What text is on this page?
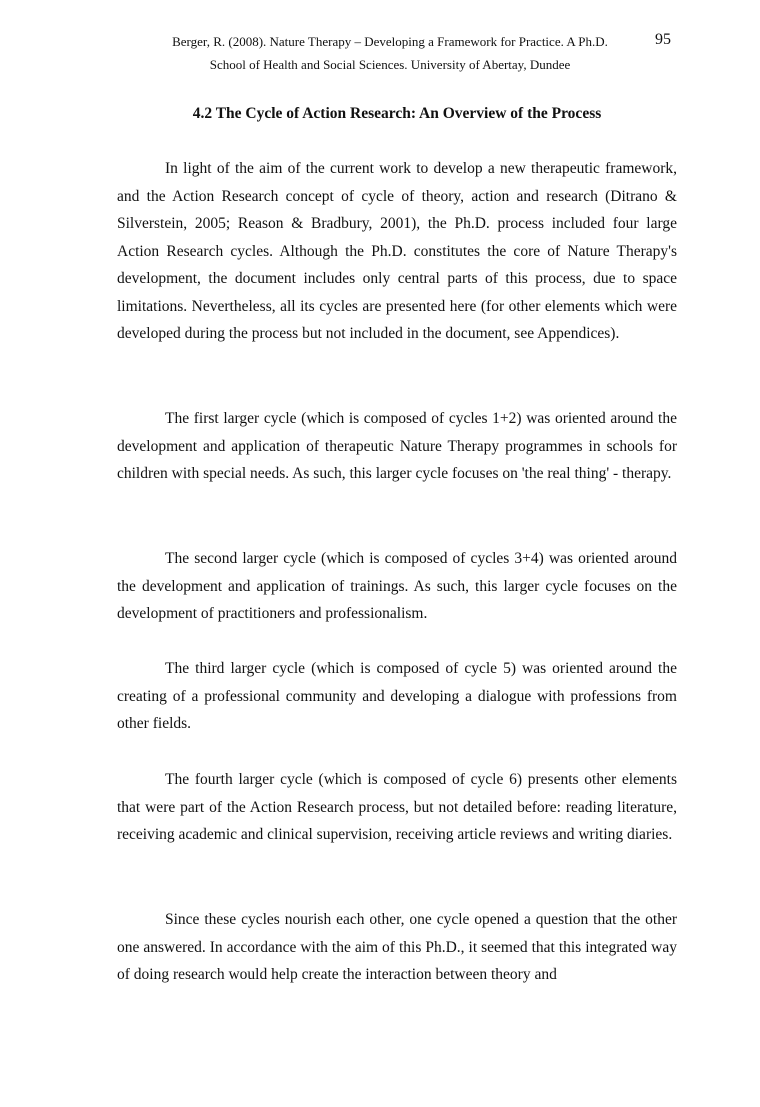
Berger, R. (2008). Nature Therapy – Developing a Framework for Practice. A Ph.D.
School of Health and Social Sciences. University of Abertay, Dundee
95
4.2 The Cycle of Action Research: An Overview of the Process

In light of the aim of the current work to develop a new therapeutic framework, and the Action Research concept of cycle of theory, action and research (Ditrano & Silverstein, 2005; Reason & Bradbury, 2001), the Ph.D. process included four large Action Research cycles. Although the Ph.D. constitutes the core of Nature Therapy's development, the document includes only central parts of this process, due to space limitations. Nevertheless, all its cycles are presented here (for other elements which were developed during the process but not included in the document, see Appendices).

The first larger cycle (which is composed of cycles 1+2) was oriented around the development and application of therapeutic Nature Therapy programmes in schools for children with special needs. As such, this larger cycle focuses on 'the real thing' - therapy.

The second larger cycle (which is composed of cycles 3+4) was oriented around the development and application of trainings. As such, this larger cycle focuses on the development of practitioners and professionalism.

The third larger cycle (which is composed of cycle 5) was oriented around the creating of a professional community and developing a dialogue with professions from other fields.

The fourth larger cycle (which is composed of cycle 6) presents other elements that were part of the Action Research process, but not detailed before: reading literature, receiving academic and clinical supervision, receiving article reviews and writing diaries.

Since these cycles nourish each other, one cycle opened a question that the other one answered. In accordance with the aim of this Ph.D., it seemed that this integrated way of doing research would help create the interaction between theory and
